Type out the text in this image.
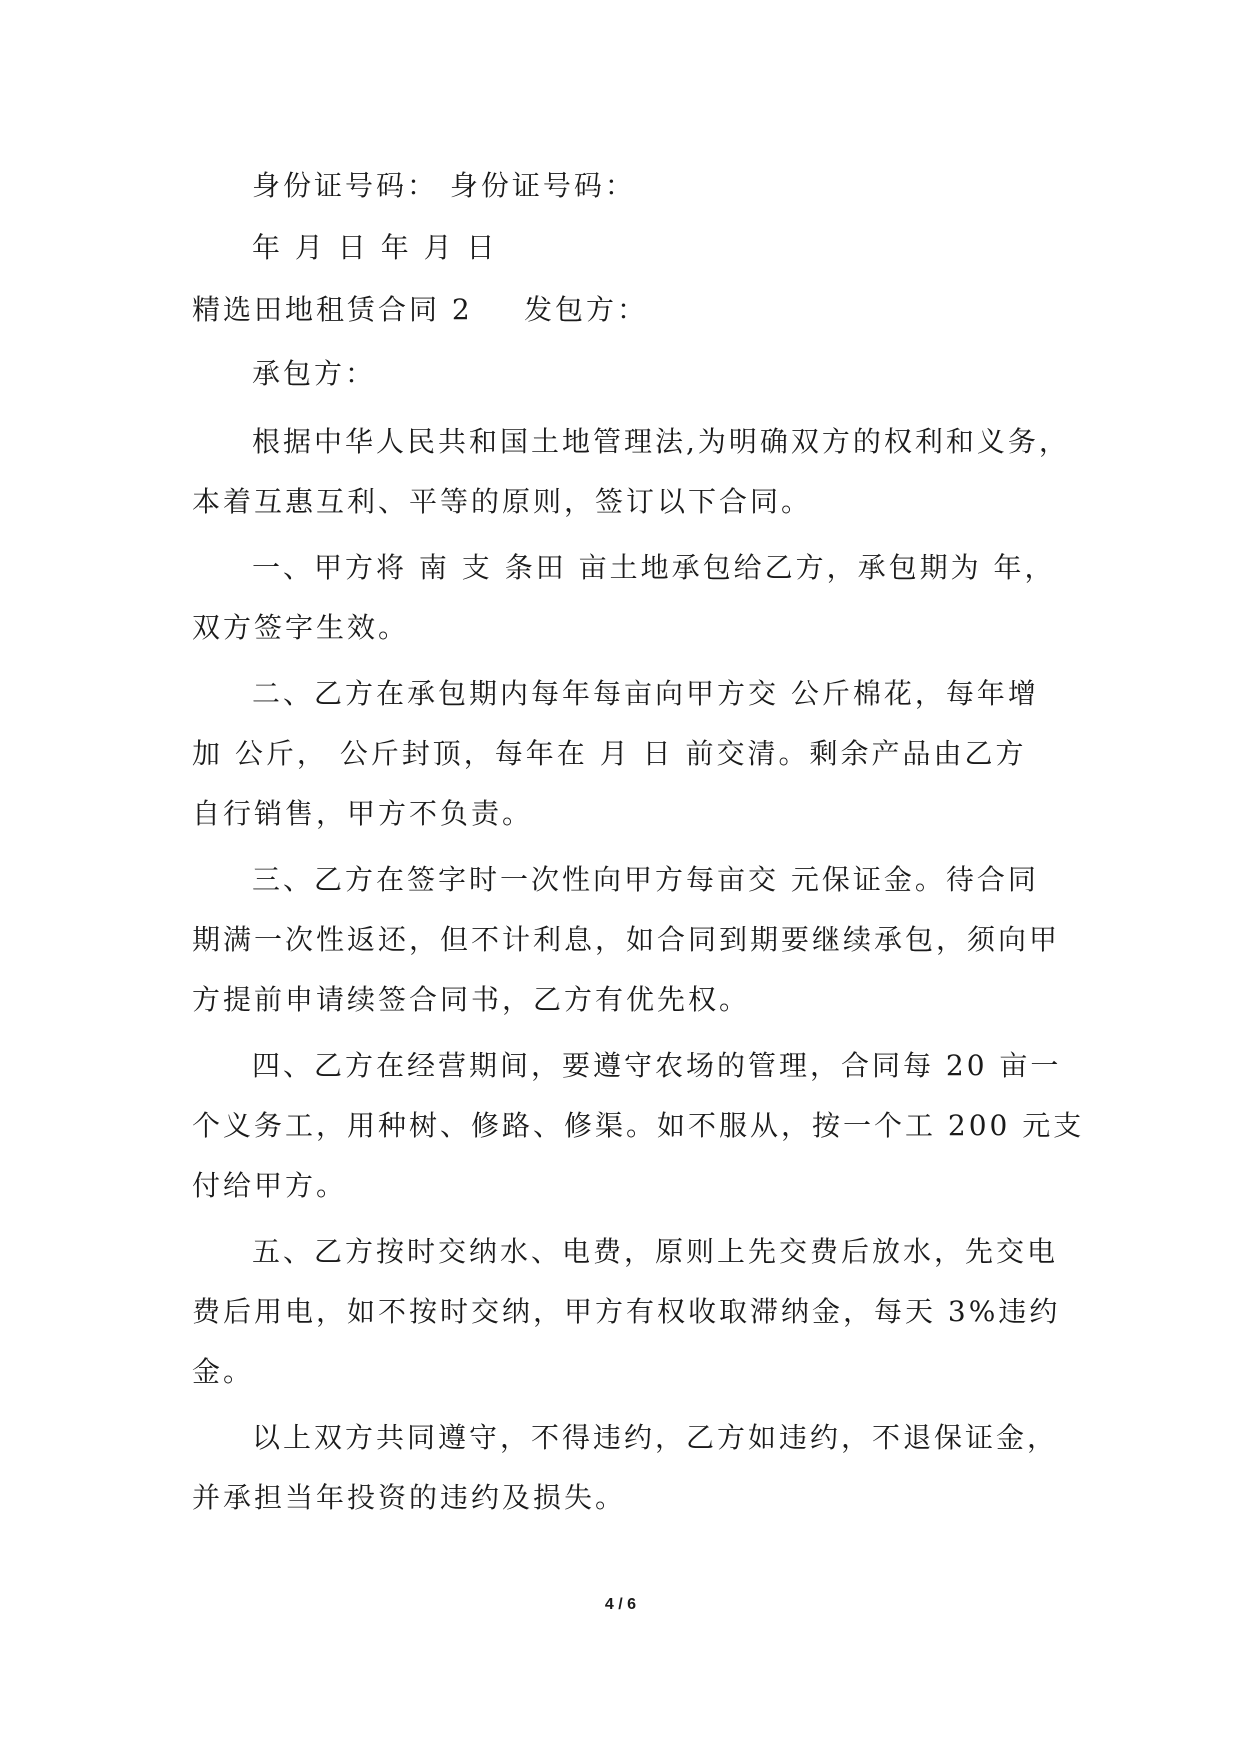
身份证号码： 身份证号码：
年 月 日 年 月 日
精选田地租赁合同 2 发包方：
承包方：
根据中华人民共和国土地管理法,为明确双方的权利和义务，
本着互惠互利、平等的原则，签订以下合同。
一、甲方将 南 支 条田 亩土地承包给乙方，承包期为 年，
双方签字生效。
二、乙方在承包期内每年每亩向甲方交 公斤棉花，每年增
加 公斤， 公斤封顶，每年在 月 日 前交清。剩余产品由乙方
自行销售，甲方不负责。
三、乙方在签字时一次性向甲方每亩交 元保证金。待合同
期满一次性返还，但不计利息，如合同到期要继续承包，须向甲
方提前申请续签合同书，乙方有优先权。
四、乙方在经营期间，要遵守农场的管理，合同每 20 亩一
个义务工，用种树、修路、修渠。如不服从，按一个工 200 元支
付给甲方。
五、乙方按时交纳水、电费，原则上先交费后放水，先交电
费后用电，如不按时交纳，甲方有权收取滞纳金，每天 3%违约
金。
以上双方共同遵守，不得违约，乙方如违约，不退保证金，
并承担当年投资的违约及损失。
4 / 6
